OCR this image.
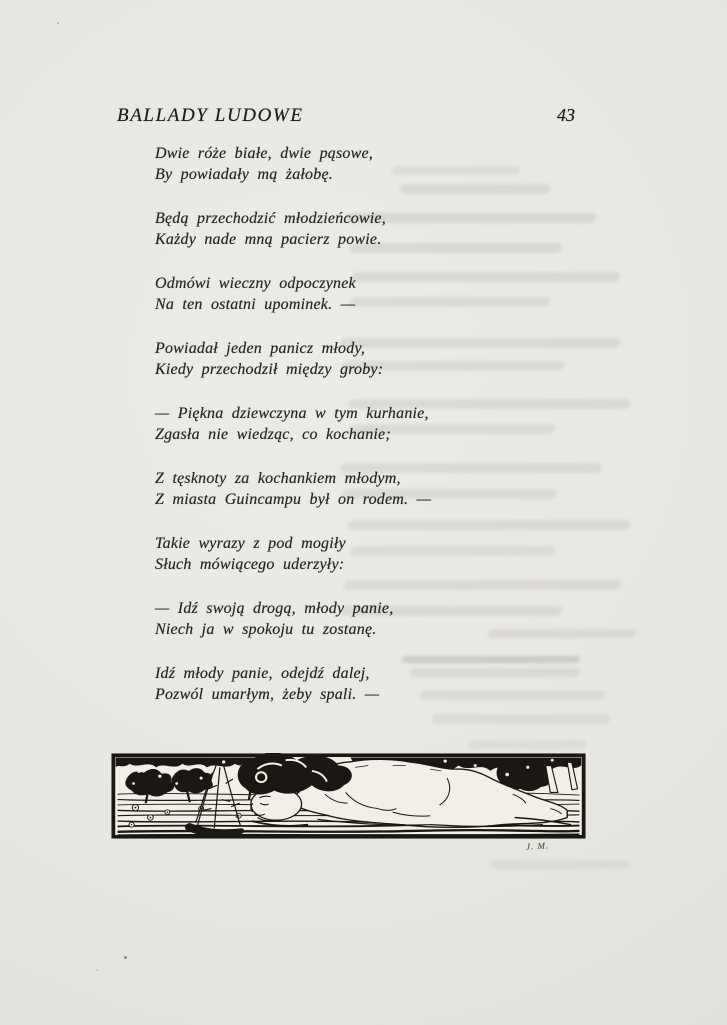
BALLADY LUDOWE	43

Dwie róże białe, dwie pąsowe,

By powiadały mą żałobę.

Będą przechodzić młodzieńcowie,

Każdy nade mną pacierz powie.

Odmówi wieczny odpoczynek

Na ten ostatni upominek. —

Powiadał jeden panicz młody,

Kiedy przechodził między groby:

— Piękna dziewczyna w tym kurhanie,

Zgasła nie wiedząc, co kochanie;

Z tęsknoty za kochankiem młodym,

Z miasta Guincampu był on rodem. —

Takie wyrazy z pod mogiły

Słuch mówiącego uderzyły:

— Idź swoją drogą, młody panie,

Niech ja w spokoju tu zostanę.

Idź młody panie, odejdź dalej,

Pozwól umarłym, żeby spali. —

J. M.
